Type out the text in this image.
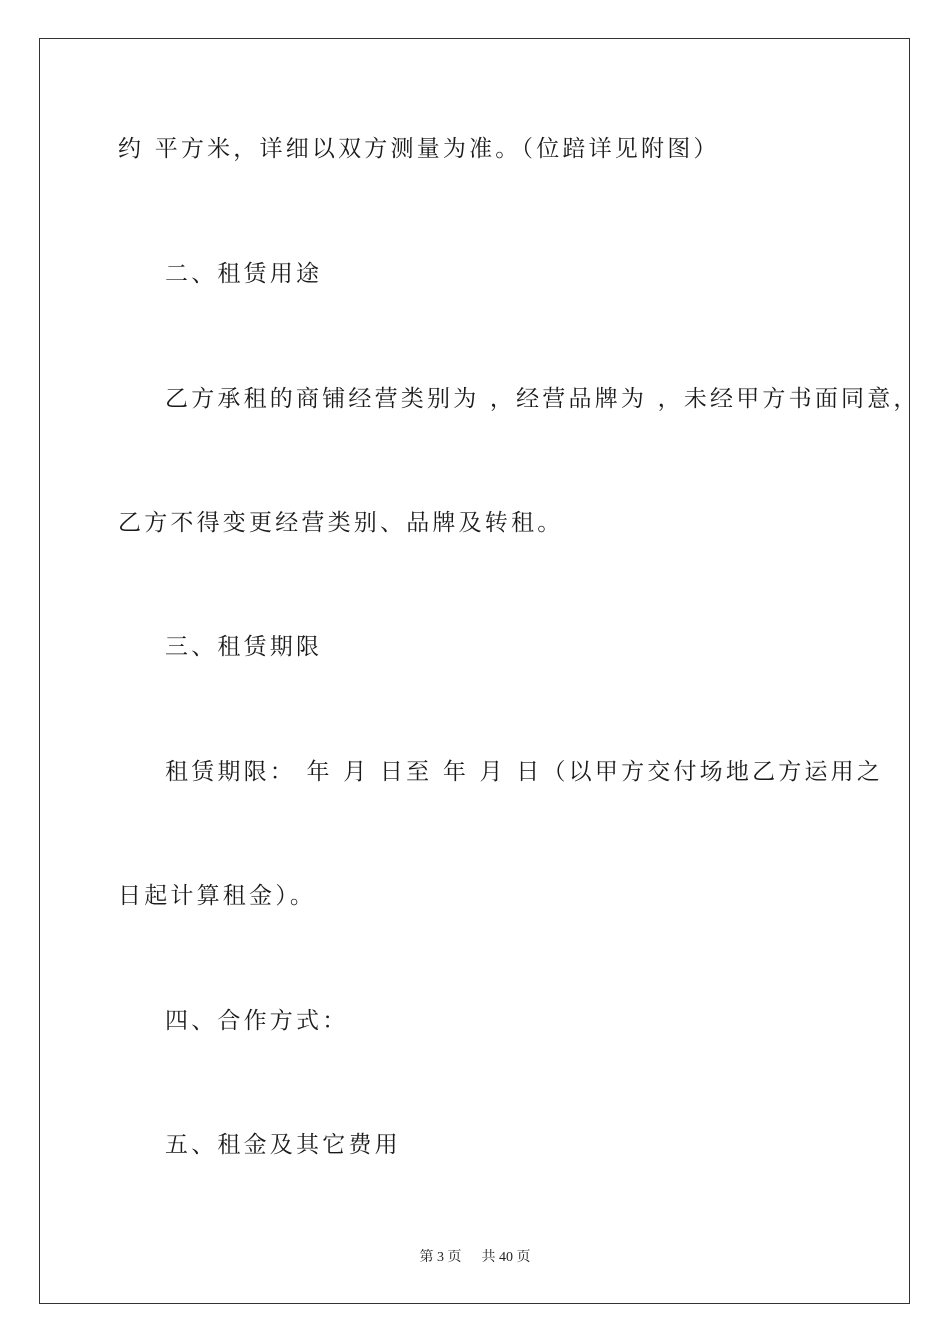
约 平方米，详细以双方测量为准。（位踣详见附图）
二、租赁用途
乙方承租的商铺经营类别为 ，经营品牌为 ，未经甲方书面同意，
乙方不得变更经营类别、品牌及转租。
三、租赁期限
租赁期限： 年 月 日至 年 月 日（以甲方交付场地乙方运用之
日起计算租金）。
四、合作方式：
五、租金及其它费用
第 3 页 共 40 页
